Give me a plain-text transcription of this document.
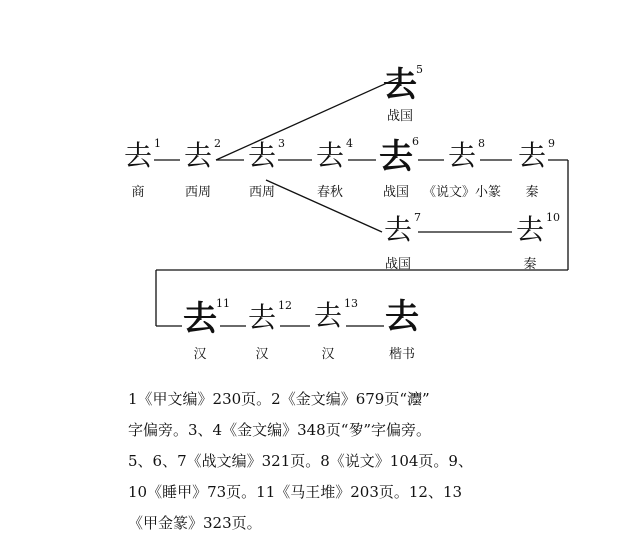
去 1
商
去 2
西周
去 3
西周
去 4
春秋
去 5
战国
去 6
战国
去 8
《说文》小篆
去 9
秦
去 7
战国
去 10
秦
去 11
汉
去 12
汉
去 13
汉
去
楷书
1《甲文编》230页。2《金文编》679页“灋”
字偏旁。3、4《金文编》348页“㚉”字偏旁。
5、6、7《战文编》321页。8《说文》104页。9、
10《睡甲》73页。11《马王堆》203页。12、13
《甲金篆》323页。
